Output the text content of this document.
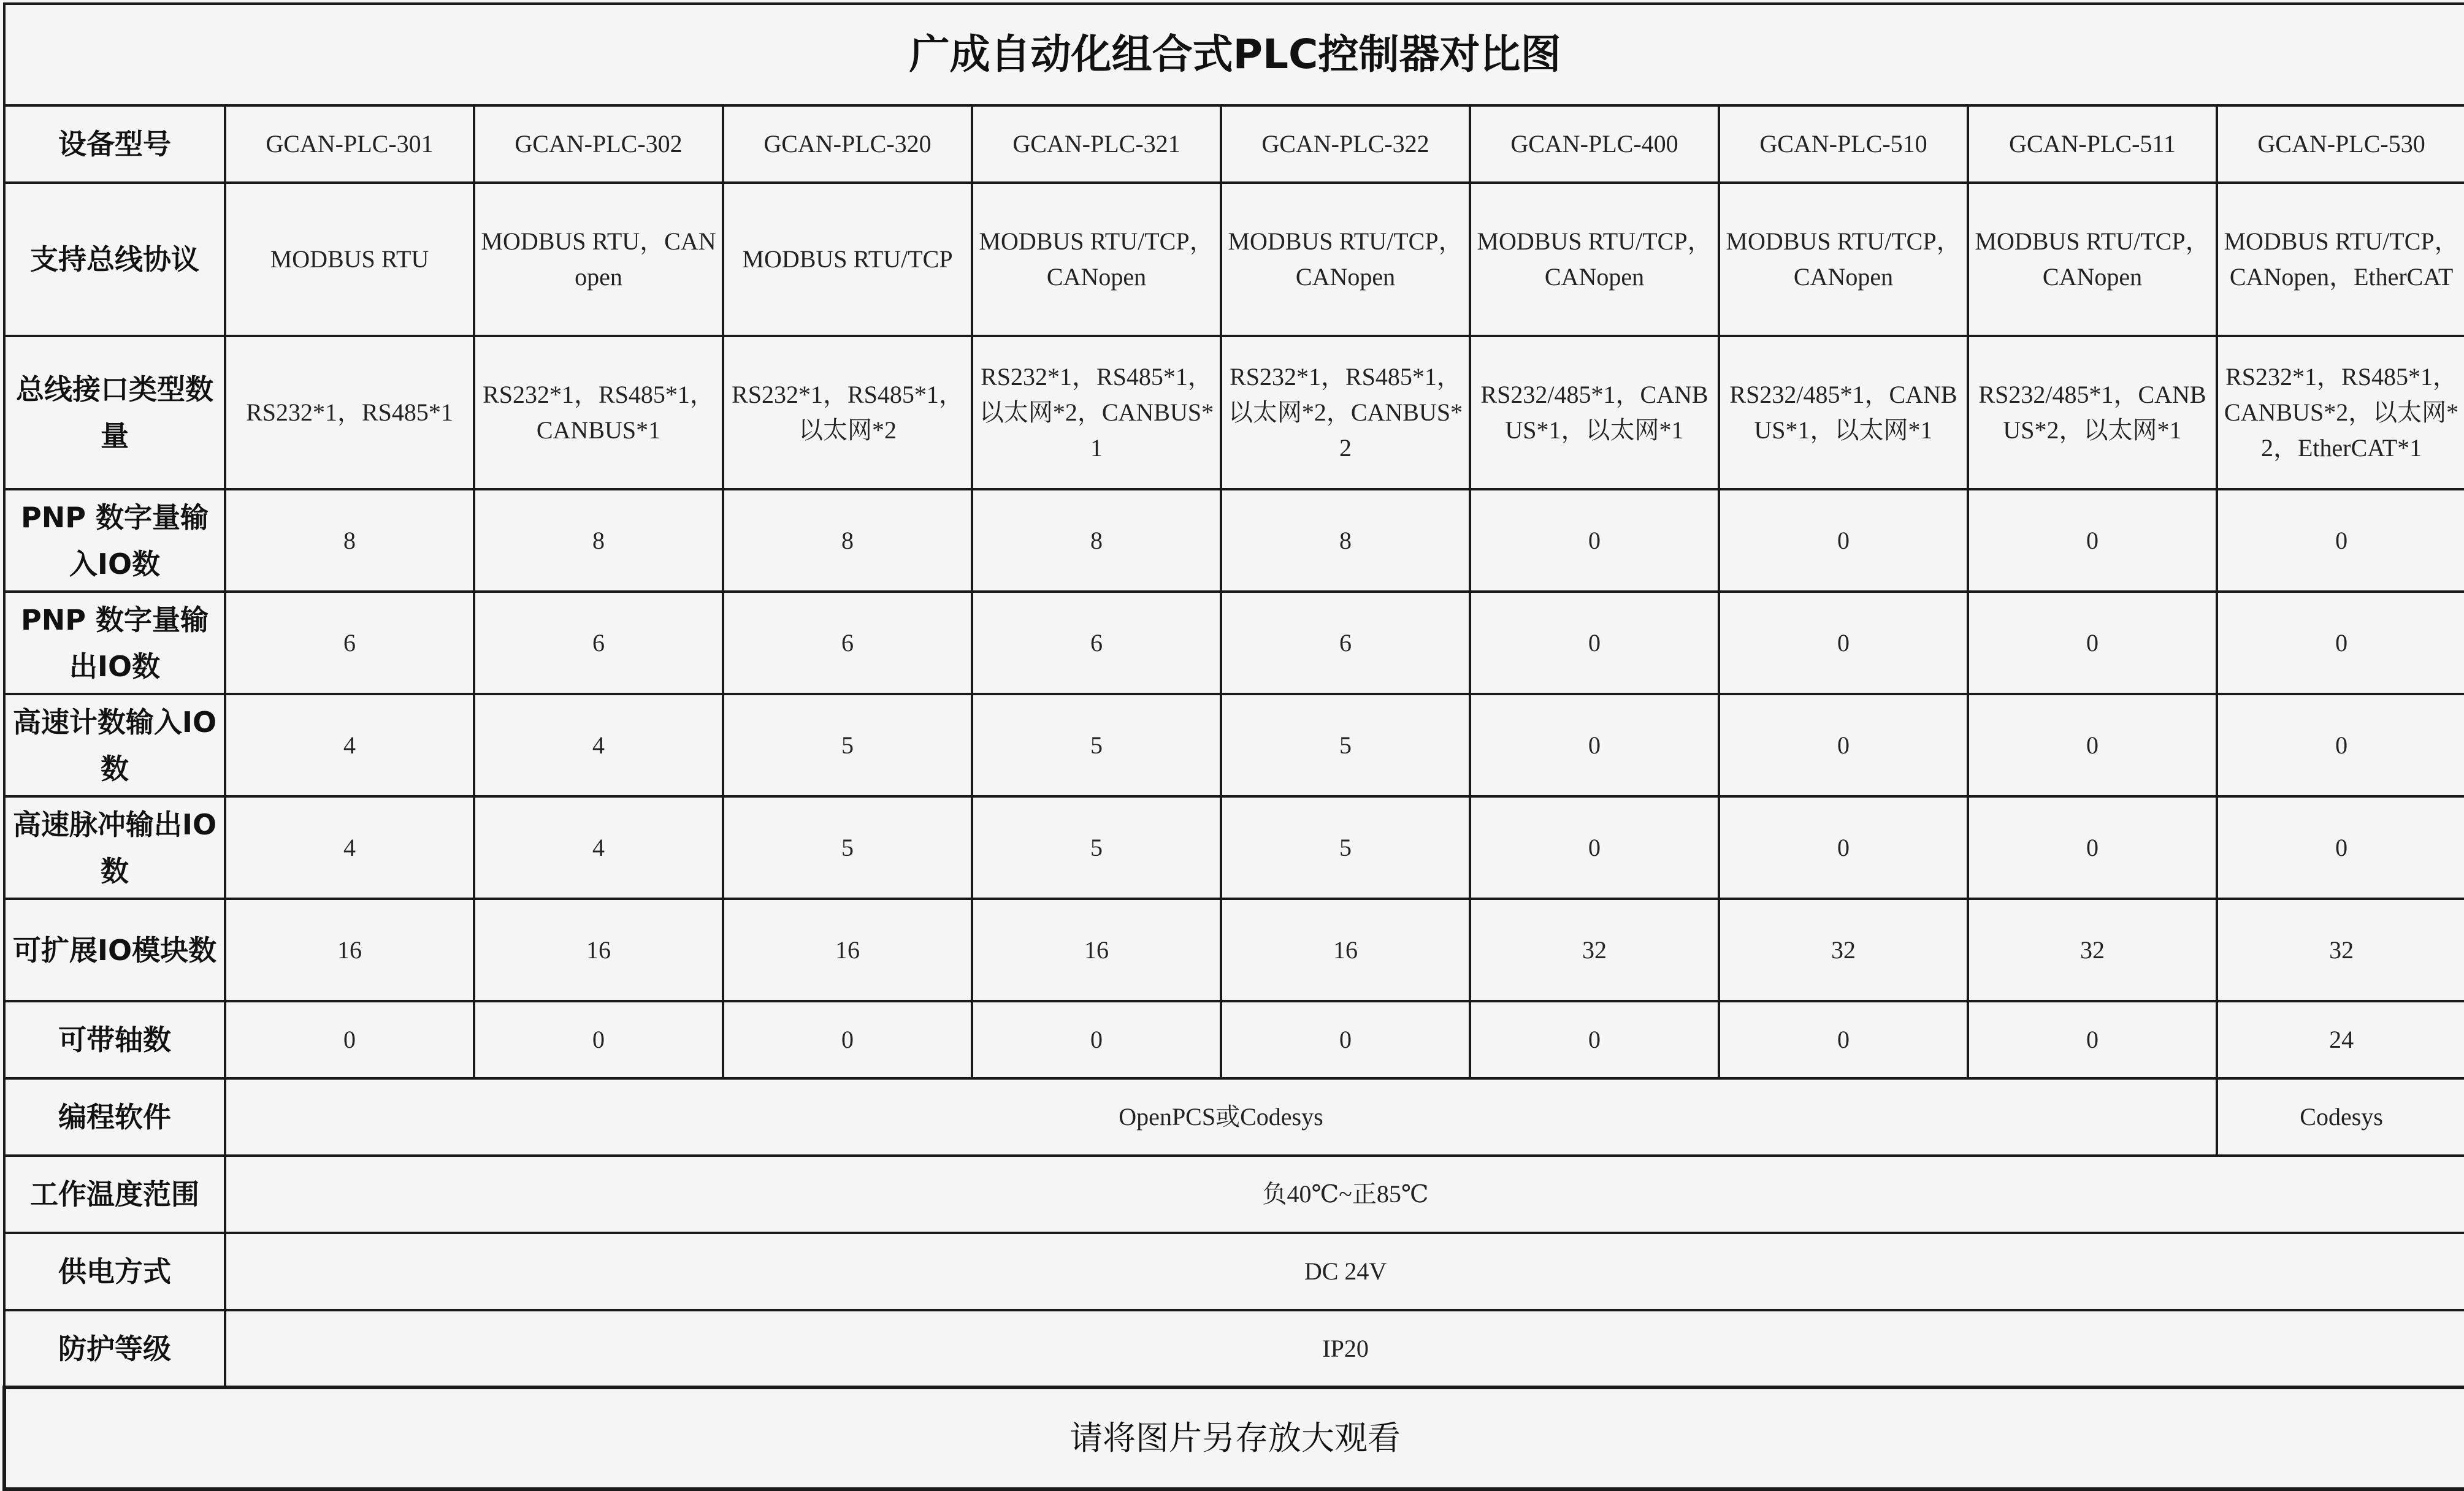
广成自动化组合式PLC控制器对比图									
设备型号	GCAN-PLC-301	GCAN-PLC-302	GCAN-PLC-320	GCAN-PLC-321	GCAN-PLC-322	GCAN-PLC-400	GCAN-PLC-510	GCAN-PLC-511	GCAN-PLC-530
支持总线协议	MODBUS RTU	MODBUS RTU，CANopen	MODBUS RTU/TCP	MODBUS RTU/TCP，CANopen	MODBUS RTU/TCP，CANopen	MODBUS RTU/TCP，CANopen	MODBUS RTU/TCP，CANopen	MODBUS RTU/TCP，CANopen	MODBUS RTU/TCP，CANopen，EtherCAT
总线接口类型数量	RS232*1，RS485*1	RS232*1，RS485*1，CANBUS*1	RS232*1，RS485*1，以太网*2	RS232*1，RS485*1，以太网*2，CANBUS*1	RS232*1，RS485*1，以太网*2，CANBUS*2	RS232/485*1，CANBUS*1，以太网*1	RS232/485*1，CANBUS*1，以太网*1	RS232/485*1，CANBUS*2，以太网*1	RS232*1，RS485*1，CANBUS*2，以太网*2，EtherCAT*1
PNP 数字量输入IO数	8	8	8	8	8	0	0	0	0
PNP 数字量输出IO数	6	6	6	6	6	0	0	0	0
高速计数输入IO数	4	4	5	5	5	0	0	0	0
高速脉冲输出IO数	4	4	5	5	5	0	0	0	0
可扩展IO模块数	16	16	16	16	16	32	32	32	32
可带轴数	0	0	0	0	0	0	0	0	24
编程软件	OpenPCS或Codesys								Codesys
工作温度范围	负40℃~正85℃								
供电方式	DC 24V								
防护等级	IP20								
请将图片另存放大观看									
